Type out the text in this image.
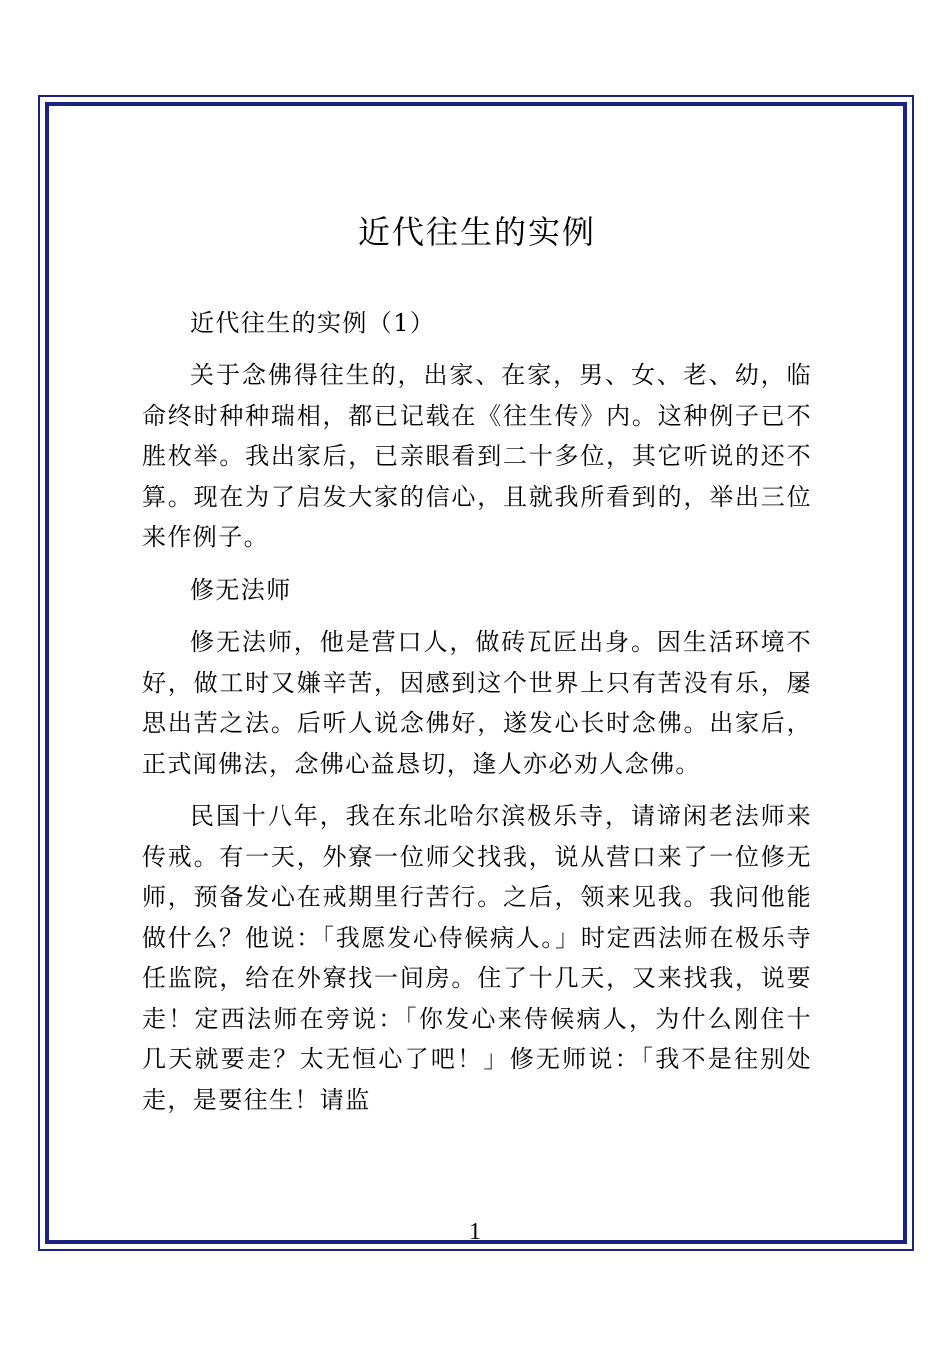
近代往生的实例

近代往生的实例（1）

关于念佛得往生的，出家、在家，男、女、老、幼，临命终时种种瑞相，都已记载在《往生传》内。这种例子已不胜枚举。我出家后，已亲眼看到二十多位，其它听说的还不算。现在为了启发大家的信心，且就我所看到的，举出三位来作例子。

修无法师

修无法师，他是营口人，做砖瓦匠出身。因生活环境不好，做工时又嫌辛苦，因感到这个世界上只有苦没有乐，屡思出苦之法。后听人说念佛好，遂发心长时念佛。出家后，正式闻佛法，念佛心益恳切，逢人亦必劝人念佛。

民国十八年，我在东北哈尔滨极乐寺，请谛闲老法师来传戒。有一天，外寮一位师父找我，说从营口来了一位修无师，预备发心在戒期里行苦行。之后，领来见我。我问他能做什么？他说：「我愿发心侍候病人。」时定西法师在极乐寺任监院，给在外寮找一间房。住了十几天，又来找我，说要走！定西法师在旁说：「你发心来侍候病人，为什么刚住十几天就要走？太无恒心了吧！」修无师说：「我不是往别处走，是要往生！请监

1
